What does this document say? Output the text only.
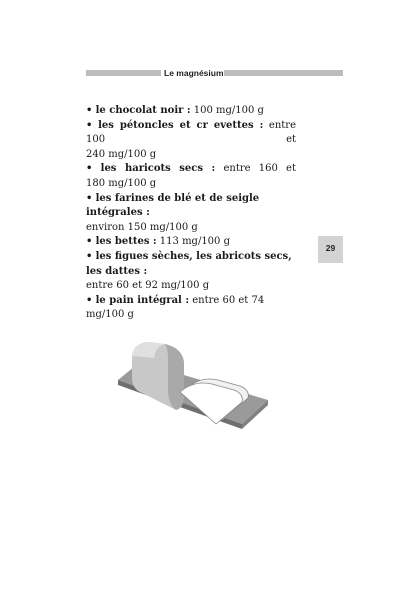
Le magnésium

• le chocolat noir : 100 mg/100 g

• les pétoncles et cr evettes : entre 100 et

240 mg/100 g

• les haricots secs : entre 160 et

180 mg/100 g

• les farines de blé et de seigle intégrales :

environ 150 mg/100 g

• les bettes : 113 mg/100 g

• les figues sèches, les abricots secs, les dattes :

entre 60 et 92 mg/100 g

• le pain intégral : entre 60 et 74 mg/100 g

29
